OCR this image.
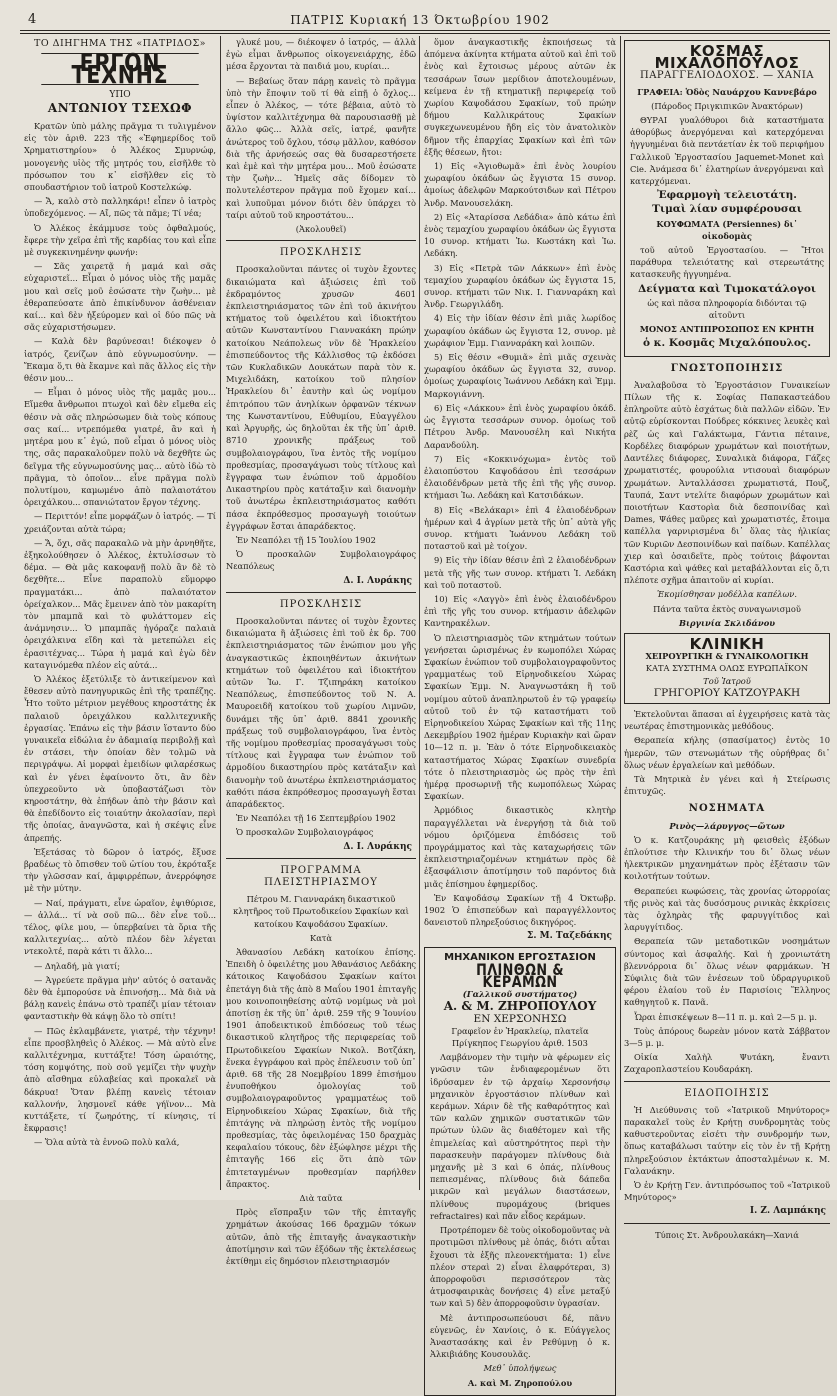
4	ΠΑΤΡΙΣ Κυριακή 13 Όκτωβρίου 1902
ΤΟ ΔΙΗΓΗΜΑ ΤΗΣ «ΠΑΤΡΙΔΟΣ»
ΕΡΓΟΝ ΤΕΧΝΗΣ
ΥΠΟ
ΑΝΤΩΝΙΟΥ ΤΣΕΧΩΦ

Κρατῶν ὑπὸ μάλης πρᾶγμα τι τυλιγμένον εἰς τὸν ἀριθ. 223 τῆς «Ἐφημερίδος τοῦ Χρηματιστηρίου» ὁ Ἀλέκος Σμυρνώφ, μονογενὴς υἱὸς τῆς μητρός του, εἰσῆλθε τὸ πρόσωπον του κ᾽ εἰσῆλθεν εἰς τὸ σπουδαστήριον τοῦ ἰατροῦ Κοστελκώφ.

— Ἄ, καλὸ στὸ παλληκάρι! εἶπεν ὁ ἰατρὸς ὑποδεχόμενος. — Αἴ, πῶς τὰ πᾶμε; Τί νέα;

Ὁ Ἀλέκος ἐκάμμυσε τοὺς ὀφθαλμούς, ἔφερε τὴν χεῖρα ἐπὶ τῆς καρδίας του καὶ εἶπε μὲ συγκεκινημένην φωνήν:

— Σᾶς χαιρετᾷ ἡ μαμά καὶ σᾶς εὐχαριστεῖ... Εἶμαι ὁ μόνος υἱὸς τῆς μαμᾶς μου καὶ σεῖς μοῦ ἐσώσατε τὴν ζωὴν... μὲ ἐθεραπεύσατε ἀπὸ ἐπικίνδυνον ἀσθένειαν καί... καὶ δὲν ἠξεύρομεν καὶ οἱ δύο πῶς νὰ σᾶς εὐχαριστήσωμεν.

— Καλὰ δὲν βαρύνεσαι! διέκοψεν ὁ ἰατρός, ζενίζων ἀπὸ εὐγνωμοσύνην. — Ἔκαμα ὅ,τι θὰ ἔκαμνε καὶ πᾶς ἄλλος εἰς τὴν θέσιν μου...

— Εἶμαι ὁ μόνος υἱὸς τῆς μαμᾶς μου... Εἴμεθα ἄνθρωποι πτωχοὶ καὶ δὲν εἴμεθα εἰς θέσιν νὰ σᾶς πληρώσωμεν διὰ τοὺς κόπους σας καί... ντρεπόμεθα γιατρέ, ἂν καὶ ἡ μητέρα μου κ᾽ ἐγώ, ποῦ εἶμαι ὁ μόνος υἱὸς της, σᾶς παρακαλοῦμεν πολὺ νὰ δεχθῆτε ὡς δεῖγμα τῆς εὐγνωμοσύνης μας... αὐτὸ ἰδὼ τὸ πρᾶγμα, τὸ ὁποῖον... εἶνε πρᾶγμα πολὺ πολυτίμου, καμωμένο ἀπὸ παλαιοτάτου ὀρειχάλκου... σπανιώτατον ἔργον τέχνης.

— Περιττόν! εἶπε μορφάζων ὁ ἰατρός. — Τί χρειάζονται αὐτὰ τώρα;

— Ἄ, ὄχι, σᾶς παρακαλῶ νὰ μὴν ἀρνηθῆτε, ἐξηκολούθησεν ὁ Ἀλέκος, ἐκτυλίσσων τὸ δέμα. — Θὰ μᾶς κακοφανῇ πολὺ ἂν δὲ τὸ δεχθῆτε... Εἶνε παραπολὺ εὔμορφο πραγματάκι... ἀπὸ παλαιότατον ὀρείχαλκον... Μᾶς ἔμεινεν ἀπὸ τὸν μακαρίτη τὸν μπαμπᾶ καὶ τὸ φυλάττομεν εἰς ἀνάμνησιν... Ὁ μπαμπᾶς ἠγόραζε παλαιὰ ὀρειχάλκινα εἴδη καὶ τὰ μετεπώλει εἰς ἐρασιτέχνας... Τώρα ἡ μαμά καὶ ἐγὼ δὲν καταγινόμεθα πλέον εἰς αὐτά...

Ὁ Ἀλέκος ἐξετύλιξε τὸ ἀντικείμενον καὶ ἔθεσεν αὐτὸ πανηγυρικῶς ἐπὶ τῆς τραπέζης. Ἦτο τοῦτο μέτριον μεγέθους κηροστάτης ἐκ παλαιοῦ ὀρειχάλκου καλλιτεχνικῆς ἐργασίας. Ἐπάνω εἰς τὴν βάσιν ἵσταντο δύο γυναικεῖα εἰδώλια ἐν ἀδαμιαίᾳ περιβολῇ καὶ ἐν στάσει, τὴν ὁποίαν δὲν τολμῶ νὰ περιγράψω. Αἱ μορφαὶ ἐμειδίων φιλαρέσκως καὶ ἐν γένει ἐφαίνοντο ὅτι, ἂν δὲν ὑπεχρεοῦντο νὰ ὑποβαστάζωσι τὸν κηροστάτην, θὰ ἐπήδων ἀπὸ τὴν βάσιν καὶ θὰ ἐπεδίδοντο εἰς τοιαύτην ἀκολασίαν, περὶ τῆς ὁποίας, ἀναγνῶστα, καὶ ἡ σκέψις εἶνε ἀπρεπής.

Ἐξετάσας τὸ δῶρον ὁ ἰατρός, ἔξυσε βραδέως τὸ ὄπισθεν τοῦ ὠτίου του, ἐκρόταξε τὴν γλῶσσαν καί, ἀμφιρρέπων, ἀνερρόφησε μὲ τὴν μύτην.

— Ναί, πράγματι, εἶνε ὡραῖον, ἐψιθύρισε, — ἀλλά... τί νὰ σοῦ πῶ... δὲν εἶνε τοῦ... τέλος, φίλε μου, — ὑπερβαίνει τὰ ὅρια τῆς καλλιτεχνίας... αὐτὸ πλέον δὲν λέγεται ντεκολτέ, παρὰ κάτι τι ἄλλο...

— Δηλαδή, μὰ γιατί;

— Ἀγρεύετε πρᾶγμα μὴν' αὐτός ὁ σατανᾶς δὲν θὰ ἐμπορούσε νὰ ἐπινοήσῃ... Μὰ διὰ νὰ βάλῃ κανεὶς ἐπάνω στὸ τραπέζι μίαν τέτοιαν φανταστικὴν θὰ κάψῃ ὅλο τὸ σπίτι!

— Πῶς ἐκλαμβάνετε, γιατρέ, τὴν τέχνην! εἶπε προσβληθεὶς ὁ Ἀλέκος. — Μὰ αὐτὸ εἶνε καλλιτέχνημα, κυττάξτε! Τόση ὡραιότης, τόση κομψότης, ποὺ σοῦ γεμίζει τὴν ψυχὴν ἀπὸ αἴσθημα εὐλαβείας καὶ προκαλεῖ νὰ δάκρυα! Ὅταν βλέπῃ κανεὶς τέτοιαν καλλονήν, λησμονεῖ κάθε γήϊνον... Μὰ κυττάξετε, τί ζωηρότης, τί κίνησις, τί ἔκφρασις!

— Ὅλα αὐτὰ τὰ ἐννοῶ πολὺ καλά,

γλυκέ μου, — διέκοψεν ὁ ἰατρός, — ἀλλὰ ἐγὼ εἶμαι ἄνθρωπος οἰκογενειάρχης, ἐδῶ μέσα ἔρχονται τὰ παιδιά μου, κυρίαι...

— Βεβαίως ὅταν πάρῃ κανεὶς τὸ πρᾶγμα ὑπὸ τὴν ἔποψιν τοῦ τί θὰ εἰπῇ ὁ ὄχλος... εἶπεν ὁ Ἀλέκος, — τότε βέβαια, αὐτὸ τὸ ὑψίστον καλλιτέχνημα θὰ παρουσιασθῇ μὲ ἄλλο φῶς... Ἀλλὰ σεῖς, ἰατρέ, φανῆτε ἀνώτερος τοῦ ὄχλου, τόσῳ μᾶλλον, καθόσον διὰ τῆς ἀρνήσεώς σας θὰ δυσαρεστήσετε καὶ ἐμὲ καὶ τὴν μητέρα μου... Μοῦ ἐσώσατε τὴν ζωὴν... Ἡμεῖς σᾶς δίδομεν τὸ πολυτελέστερον πρᾶγμα ποῦ ἔχομεν καί... καὶ λυποῦμαι μόνον διότι δὲν ὑπάρχει τὸ ταίρι αὐτοῦ τοῦ κηροστάτου...

(Ἀκολουθεῖ)
ΠΡΟΣΚΛΗΣΙΣ

Προσκαλοῦνται πάντες οἱ τυχὸν ἔχοντες δικαιώματα καὶ ἀξιώσεις ἐπὶ τοῦ ἐκδραμόντος χρυσῶν 4601 ἐκπλειστηριάσματος τῶν ἐπὶ τοῦ ἀκινήτου κτήματος τοῦ ὀφειλέτου καὶ ἰδιοκτήτου αὐτῶν Κωνσταντίνου Γιαννακάκη πρώην κατοίκου Νεάπολεως νῦν δὲ Ἡρακλείου ἐπισπεύδοντος τῆς Κάλλισθος τῷ ἐκδόσει τῶν Κυκλαδικῶν Δουκάτων παρὰ τὸν κ. Μιχελιδάκη, κατοίκου τοῦ πλησίον Ἡρακλείου δι᾽ ἑαυτὴν καὶ ὡς νομίμου ἐπιτρόπου τῶν ἀνηλίκων ὀρφανῶν τέκνων της Κωνσταντίνου, Εὐθυμίου, Εὐαγγέλου καὶ Ἀργυρῆς, ὡς δηλοῦται ἐκ τῆς ὑπ᾽ ἀριθ. 8710 χρονικῆς πράξεως τοῦ συμβολαιογράφου, ἵνα ἐντὸς τῆς νομίμου προθεσμίας, προσαγάγωσι τοὺς τίτλους καὶ ἔγγραφα των ἐνώπιον τοῦ ἁρμοδίου Δικαστηρίου πρὸς κατάταξιν καὶ διανομὴν τοῦ ἀνωτέρω ἐκπλειστηριάσματος καθότι πάσα ἐκπρόθεσμος προσαγωγὴ τοιούτων ἐγγράφων ἔσται ἀπαράδεκτος.

Ἐν Νεαπόλει τῇ 15 Ἰουλίου 1902

Ὁ προσκαλῶν Συμβολαιογράφος Νεαπόλεως

Δ. Ι. Λυράκης
ΠΡΟΣΚΛΗΣΙΣ

Προσκαλοῦνται πάντες οἱ τυχὸν ἔχοντες δικαιώματα ἢ ἀξιώσεις ἐπὶ τοῦ ἐκ δρ. 700 ἐκπλειστηριάσματος τῶν ἐνώπιον μου γῆς ἀναγκαστικῶς ἐκποιηθέντων ἀκινήτων κτημάτων τοῦ ὀφειλέτου καὶ ἰδιοκτήτου αὐτῶν Ἰω. Γ. Τζιπηράκη κατοίκου Νεαπόλεως, ἐπισπεύδοντος τοῦ Ν. Α. Μαυροειδῆ κατοίκου τοῦ χωρίου Λιμνῶν, δυνάμει τῆς ὑπ᾽ ἀριθ. 8841 χρονικῆς πράξεως τοῦ συμβολαιογράφου, ἵνα ἐντὸς τῆς νομίμου προθεσμίας προσαγάγωσι τοὺς τίτλους καὶ ἔγγραφα των ἐνώπιον τοῦ ἁρμοδίου δικαστηρίου πρὸς κατάταξιν καὶ διανομὴν τοῦ ἀνωτέρω ἐκπλειστηριάσματος καθότι πάσα ἐκπρόθεσμος προσαγωγὴ ἔσται ἀπαράδεκτος.

Ἐν Νεαπόλει τῇ 16 Σεπτεμβρίου 1902

Ὁ προσκαλῶν Συμβολαιογράφος

Δ. Ι. Λυράκης
ΠΡΟΓΡΑΜΜΑ ΠΛΕΙΣΤΗΡΙΑΣΜΟΥ

Πέτρου Μ. Γιανναράκη δικαστικοῦ κλητῆρος τοῦ Πρωτοδικείου Σφακίων καὶ κατοίκου Καψοδάσου Σφακίων.

Κατὰ

Ἀθανασίου Λεδάκη κατοίκου ἐπίσης. Ἐπειδὴ ὁ ὀφειλέτης μου Ἀθανάσιος Λεδάκης κάτοικος Καψοδάσου Σφακίων καίτοι ἐπετάγη διὰ τῆς ἀπὸ 8 Μαΐου 1901 ἐπιταγῆς μου κοινοποιηθείσης αὐτῷ νομίμως νὰ μοὶ ἀποτίσῃ ἐκ τῆς ὑπ᾽ ἀριθ. 259 τῆς 9 Ἰουνίου 1901 ἀποδεικτικοῦ ἐπιδόσεως τοῦ τέως δικαστικοῦ κλητῆρος τῆς περιφερείας τοῦ Πρωτοδικείου Σφακίων Νικολ. Βοτζάκη, ἕνεκα ἐγγράφου καὶ πρὸς ἐπέλευσιν τοῦ ὑπ᾽ ἀριθ. 68 τῆς 28 Νοεμβρίου 1899 ἐπισήμου ἐνυποθήκου ὁμολογίας τοῦ συμβολαιογραφοῦντος γραμματέως τοῦ Εἰρηνοδικείου Χώρας Σφακίων, διὰ τῆς ἐπιτάγης νὰ πληρώσῃ ἐντὸς τῆς νομίμου προθεσμίας, τὰς ὀφειλομένας 150 δραχμὰς κεφαλαίου τόκους, δὲν ἐξώφλησε μέχρι τῆς ἐπιταγῆς 166 εἰς ὅτι ἀπὸ τῶν ἐπιτεταγμένων προθεσμίαν παρήλθεν ἄπρακτος.

Διὰ ταῦτα

Πρὸς εἴσπραξιν τῶν τῆς ἐπιταγῆς χρημάτων ἀκούσας 166 δραχμῶν τόκων αὐτῶν, ἀπὸ τῆς ἐπιταγῆς ἀναγκαστικὴν ἀποτίμησιν καὶ τῶν ἐξόδων τῆς ἐκτελέσεως ἐκτίθημι εἰς δημόσιον πλειστηριασμόν

ὅμον ἀναγκαστικῆς ἐκποιήσεως τὰ ἀπόμενα ἀκίνητα κτήματα αὐτοῦ καὶ ἐπὶ τοῦ ἑνὸς καὶ ἔχτοισως μέρους αὐτῶν ἐκ τεσσάρων ἴσων μερίδιον ἀποτελουμένων, κείμενα ἐν τῇ κτηματικῇ περιφερείᾳ τοῦ χωρίου Καψοδάσου Σφακίων, τοῦ πρώην δήμου Καλλικράτους Σφακίων συγκεχωνευμένου ἤδη εἰς τὸν ἀνατολικὸν δῆμον τῆς ἐπαρχίας Σφακίων καὶ ἐπὶ τῶν ἑξῆς θέσεων, ἤτοι:

1) Εἰς «Ἀγιοθωμᾶ» ἐπὶ ἑνὸς λουρίου χωραφίου ὀκάδων ὡς ἔγγιστα 15 συνορ. ἀμοίως ἀδελφῶν Μαρκούτσιδων καὶ Πέτρου Ἀνδρ. Μανουσελάκη.

2) Εἰς «Ἀταρίσσα Λεδάδια» ἀπὸ κάτω ἐπὶ ἑνὸς τεμαχίου χωραφίου ὀκάδων ὡς ἔγγιστα 10 συνορ. κτήματι Ἰω. Κωστάκη καὶ Ἰω. Λεδάκη.

3) Εἰς «Πετρὰ τῶν Λάκκων» ἐπὶ ἑνὸς τεμαχίου χωραφίου ὀκάδων ὡς ἔγγιστα 15, συνορ. κτήματι τῶν Νικ. Ι. Γιανναράκη καὶ Ἀνδρ. Γεωργιλάδη.

4) Εἰς τὴν ἰδίαν θέσιν ἐπὶ μιᾶς λωρίδος χωραφίου ὀκάδων ὡς ἔγγιστα 12, συνορ. μὲ χωράφιον Ἐμμ. Γιανναράκη καὶ λοιπῶν.

5) Εἰς θέσιν «Θυμιᾶ» ἐπὶ μιᾶς σχεινὰς χωραφίου ὀκάδων ὡς ἔγγιστα 32, συνορ. ὁμοίως χωραφίοις Ἰωάννου Λεδάκη καὶ Ἐμμ. Μαρκογιάννη.

6) Εἰς «Λάκκου» ἐπὶ ἑνὸς χωραφίου ὀκάδ. ὡς ἔγγιστα τεσσάρων συνορ. ὁμοίως τοῦ Πέτρου Ἀνδρ. Μανουσέλη καὶ Νικήτα Δαρανδούλη.

7) Εἰς «Κοκκινόχωμα» ἐντὸς τοῦ ἐλαιοπύστου Καψοδάσου ἐπὶ τεσσάρων ἐλαιοδένδρων μετὰ τῆς ἐπὶ τῆς γῆς συνορ. κτήμασι Ἰω. Λεδάκη καὶ Κατσιδάκων.

8) Εἰς «Βελάκαρι» ἐπὶ 4 ἐλαιοδένδρων ἡμέρων καὶ 4 ἀγρίων μετὰ τῆς ὑπ᾽ αὐτὰ γῆς συνορ. κτήματι Ἰωάννου Λεδάκη τοῦ ποταστοῦ καὶ μὲ τοίχον.

9) Εἰς τὴν ἰδίαν θέσιν ἐπὶ 2 ἐλαιοδένδρων μετὰ τῆς γῆς των συνορ. κτήματι Ἰ. Λεδάκη καὶ τοῦ ποταστοῦ.

10) Εἰς «Λαγγὸ» ἐπὶ ἑνὸς ἐλαιοδένδρου ἐπὶ τῆς γῆς του συνορ. κτήμασιν ἀδελφῶν Καντηρακέλων.

Ὁ πλειστηριασμὸς τῶν κτημάτων τούτων γενήσεται ὡρισμένως ἐν κωμοπόλει Χώρας Σφακίων ἐνώπιον τοῦ συμβολαιογραφοῦντος γραμματέως τοῦ Εἰρηνοδικείου Χώρας Σφακίων Ἐμμ. Ν. Ἀναγνωστάκη ἢ τοῦ νομίμου αὐτοῦ ἀναπληρωτοῦ ἐν τῷ γραφείῳ αὐτοῦ τοῦ ἐν τῷ καταστήματι τοῦ Εἰρηνοδικείου Χώρας Σφακίων καὶ τῆς 11ης Δεκεμβρίου 1902 ἡμέραν Κυριακὴν καὶ ὥραν 10—12 π. μ. Ἐὰν ὁ τότε Εἰρηνοδικειακὸς καταστήματος Χώρας Σφακίων συνεδρία τότε ὁ πλειστηριασμὸς ὡς πρὸς τὴν ἐπὶ ἡμέρᾳ προσωρινῇ τῆς κωμοπόλεως Χώρας Σφακίων.

Ἀρμόδιος δικαστικὸς κλητὴρ παραγγέλλεται νὰ ἐνεργήσῃ τὰ διὰ τοῦ νόμου ὁριζόμενα ἐπιδόσεις τοῦ προγράμματος καὶ τὰς καταχωρήσεις τῶν ἐκπλειστηριαζομένων κτημάτων πρὸς δὲ ἐξασφάλισιν ἀποτίμησιν τοῦ παρόντος διὰ μιᾶς ἐπίσημου ἐφημερίδος.

Ἐν Καψοδάσῳ Σφακίων τῇ 4 Ὀκτωβρ. 1902 Ὁ ἐπισπεύδων καὶ παραγγέλλοντος δανειστοῦ πληρεξούσιος δικηγόρος.

Σ. Μ. Ταζεδάκης
ΜΗΧΑΝΙΚΟΝ ΕΡΓΟΣΤΑΣΙΟΝ
ΠΛΙΝΘΩΝ & ΚΕΡΑΜΩΝ
(Γαλλικοῦ συστήματος)
Α. & Μ. ΖΗΡΟΠΟΥΛΟΥ
ΕΝ ΧΕΡΣΟΝΗΣΩ

Γραφεῖον ἐν Ἡρακλείῳ, πλατεῖα Πρίγκηπος Γεωργίου ἀριθ. 1503

Λαμβάνομεν τὴν τιμὴν νὰ φέρωμεν εἰς γνῶσιν τῶν ἐνδιαφερομένων ὅτι ἱδρύσαμεν ἐν τῷ ἀρχαίῳ Χερσονήσῳ μηχανικὸν ἐργοστάσιον πλίνθων καὶ κεράμων. Χάριν δὲ τῆς καθαρότητος καὶ τῶν καλῶν χημικῶν συστατικῶν τῶν πρώτων ὑλῶν ἃς διαθέτομεν καὶ τῆς ἐπιμελείας καὶ αὐστηρότητος περὶ τὴν παρασκευὴν παράγομεν πλίνθους διὰ μηχανῆς μὲ 3 καὶ 6 ὀπάς, πλίνθους πεπιεσμένας, πλίνθους διὰ δάπεδα μικρῶν καὶ μεγάλων διαστάσεων, πλίνθους πυρομάχους (briques refractaires) καὶ πᾶν εἶδος κεράμων.

Προτρέπομεν δὲ τοὺς οἰκοδομοῦντας νὰ προτιμῶσι πλίνθους μὲ ὀπάς, διότι αὗται ἔχουσι τὰ ἑξῆς πλεονεκτήματα: 1) εἶνε πλέον στεραὶ 2) εἶναι ἐλαφρότεραι, 3) ἀπορροφοῦσι περισσότερον τὰς ἀτμοσφαιρικὰς δονήσεις 4) εἶνε μεταξύ των καὶ 5) δὲν ἀπορροφοῦσιν ὑγρασίαν.

Μὲ ἀντιπροσωπεύουσι δέ, πᾶνυ εὐγενῶς, ἐν Χανίοις, ὁ κ. Εὐάγγελος Ἀναστασάκης καὶ ἐν Ρεθύμνῃ ὁ κ. Ἀλκιβιάδης Κουσουλᾶς.

Μεθ᾽ ὑπολήψεως

Α. καὶ Μ. Ζηροπούλου

ΚΟΣΜΑΣ ΜΙΧΑΛΟΠΟΥΛΟΣ
ΠΑΡΑΓΓΕΛΙΟΔΟΧΟΣ. — ΧΑΝΙΑ

ΓΡΑΦΕΙΑ: Ὁδὸς Ναυάρχου Καννεβάρο

(Πάροδος Πριγκιπικῶν Ἀνακτόρων)

ΘΥΡΑΙ γυαλόθυροι διὰ καταστήματα ἀθορύβως ἀνεργόμεναι καὶ κατερχόμεναι ἠγγυημέναι διὰ πεντάετίαν ἐκ τοῦ περιφήμου Γαλλικοῦ Ἐργοστασίου Jaquemet-Monet καὶ Cie. Ἀνάμεσα δι᾽ ἐλατηρίων ἀνεργόμεναι καὶ κατερχόμεναι.

Ἐφαρμογὴ τελειοτάτη.

Τιμαὶ λίαν συμφέρουσαι

ΚΟΥΦΩΜΑΤΑ (Persiennes) δι᾽ οἰκοδομὰς

τοῦ αὐτοῦ Ἐργοστασίου. — Ἤτοι παράθυρα τελειότατης καὶ στερεωτάτης κατασκευῆς ἠγγυημένα.

Δείγματα καὶ Τιμοκατάλογοι

ὡς καὶ πᾶσα πληροφορία διδόνται τῷ αἰτοῦντι

ΜΟΝΟΣ ΑΝΤΙΠΡΟΣΩΠΟΣ ΕΝ ΚΡΗΤΗ

ὁ κ. Κοσμᾶς Μιχαλόπουλος.

ΓΝΩΣΤΟΠΟΙΗΣΙΣ

Ἀναλαβοῦσα τὸ Ἐργοστάσιον Γυναικείων Πίλων τῆς κ. Σοφίας Παπακαστεάδου ἐπληροῦτε αὐτὸ ἐσχάτως διὰ παλλῶν εἰδῶν. Ἐν αὐτῷ εὑρίσκονται Πούδρες κόκκινες λευκὲς καὶ ρὲζ ὡς καὶ Γαλάκτωμα, Γάντια πέταινε, Κορδέλες διαφόρων χρωμάτων καὶ ποιοτήτων, Δαντέλες διάφορες, Συναλικὰ διάφορα, Γάζες χρωματιστές, φουρούλια ντισουαὶ διαφόρων χρωμάτων. Ἀνταλλάσσει χρωματιστά, Πουζ, Ταυπά, Σαντ ντελίτε διαφόρων χρωμάτων καὶ ποιοτήτων Καστορὶα διὰ δεσποινίδας καὶ Dames, Ψάθες μαῦρες καὶ χρωματιστές, ἔτοιμα καπέλλα γαρνιρισμένα δι᾽ ὅλας τὰς ἡλικίας τῶν Κυριῶν Δεσποινίδων καὶ παίδων. Καπέλλας χιερ καὶ ὀσαιδεῖτε, πρὸς τούτοις βάφονται Καστόρια καὶ ψάθες καὶ μεταβάλλονται εἰς ὅ,τι πλέποτε σχῆμα ἀπαιτοῦν αἱ κυρίαι.

Ἐκομίσθησαν μοδέλλα καπέλων.

Πάντα ταῦτα ἐκτὸς συναγωνισμοῦ

Βιργινία Σκλιδάνου

ΚΛΙΝΙΚΗ
ΧΕΙΡΟΥΡΓΙΚΗ & ΓΥΝΑΙΚΟΛΟΓΙΚΗ
ΚΑΤΑ ΣΥΣΤΗΜΑ ΟΛΩΣ ΕΥΡΩΠΑΪΚΟΝ
Τοῦ Ἰατροῦ
ΓΡΗΓΟΡΙΟΥ ΚΑΤΖΟΥΡΑΚΗ

Ἐκτελοῦνται ἅπασαι αἱ ἐγχειρήσεις κατὰ τὰς νεωτέρας ἐπιστημονικὰς μεθόδους.

Θεραπεία κήλης (σπασίματος) ἐντὸς 10 ἡμερῶν, τῶν στενωμάτων τῆς οὐρήθρας δι᾽ ὅλως νέων ἐργαλείων καὶ μεθόδων.

Τὰ Μητρικὰ ἐν γένει καὶ ἡ Στείρωσις ἐπιτυχῶς.

ΝΟΣΗΜΑΤΑ

Ρινὸς—λάρυγγος—ὤτων

Ὁ κ. Κατζουράκης μὴ φεισθεὶς ἐξόδων ἐπλούτισε τὴν Κλινικήν του δι᾽ ὅλως νέων ἠλεκτρικῶν μηχανημάτων πρὸς ἐξέτασιν τῶν κοιλοτήτων τούτων.

Θεραπεύει κωφώσεις, τὰς χρονίας ὠτορροίας τῆς ρινὸς καὶ τὰς δυσόσμους ρινικὰς ἐκκρίσεις τὰς ὀχληρὰς τῆς φαρυγγίτιδος καὶ λαρυγγίτιδος.

Θεραπεία τῶν μεταδοτικῶν νοσημάτων σύντομος καὶ ἀσφαλής. Καὶ ἡ χρονιωτάτη βλεννόρροια δι᾽ ὅλως νέων φαρμάκων. Ἡ Σύφιλις διὰ τῶν ἐνέσεων τοῦ ὑδραργυρικοῦ φέρου ἐλαίου τοῦ ἐν Παρισίοις Ἕλληνος καθηγητοῦ κ. Πανᾶ.

Ὧραι ἐπισκέψεων 8—11 π. μ. καὶ 2—5 μ. μ.

Τοὺς ἀπόρους δωρεὰν μόνον κατὰ Σάββατον 3—5 μ. μ.

Οἰκία Χαλὴλ Ψυτάκη, ἔναντι Ζαχαροπλαστείου Κουδαράκη.

ΕΙΔΟΠΟΙΗΣΙΣ

Ἡ Διεύθυνσις τοῦ «Ἰατρικοῦ Μηνύτορος» παρακαλεῖ τοὺς ἐν Κρήτῃ συνδρομητὰς τοὺς καθυστεροῦντας εἰσέτι τὴν συνδρομήν των, ὅπως καταβάλωσι ταύτην εἰς τὸν ἐν τῇ Κρήτῃ πληρεξούσιον ἐκτάκτων ἀποσταλμένων κ. Μ. Γαλανάκην.

Ὁ ἐν Κρήτῃ Γεν. ἀντιπρόσωπος τοῦ «Ἰατρικοῦ Μηνύτορος»

Ι. Ζ. Λαμπάκης

Τύποις Στ. Ἀνδρουλακάκη—Χανιά
